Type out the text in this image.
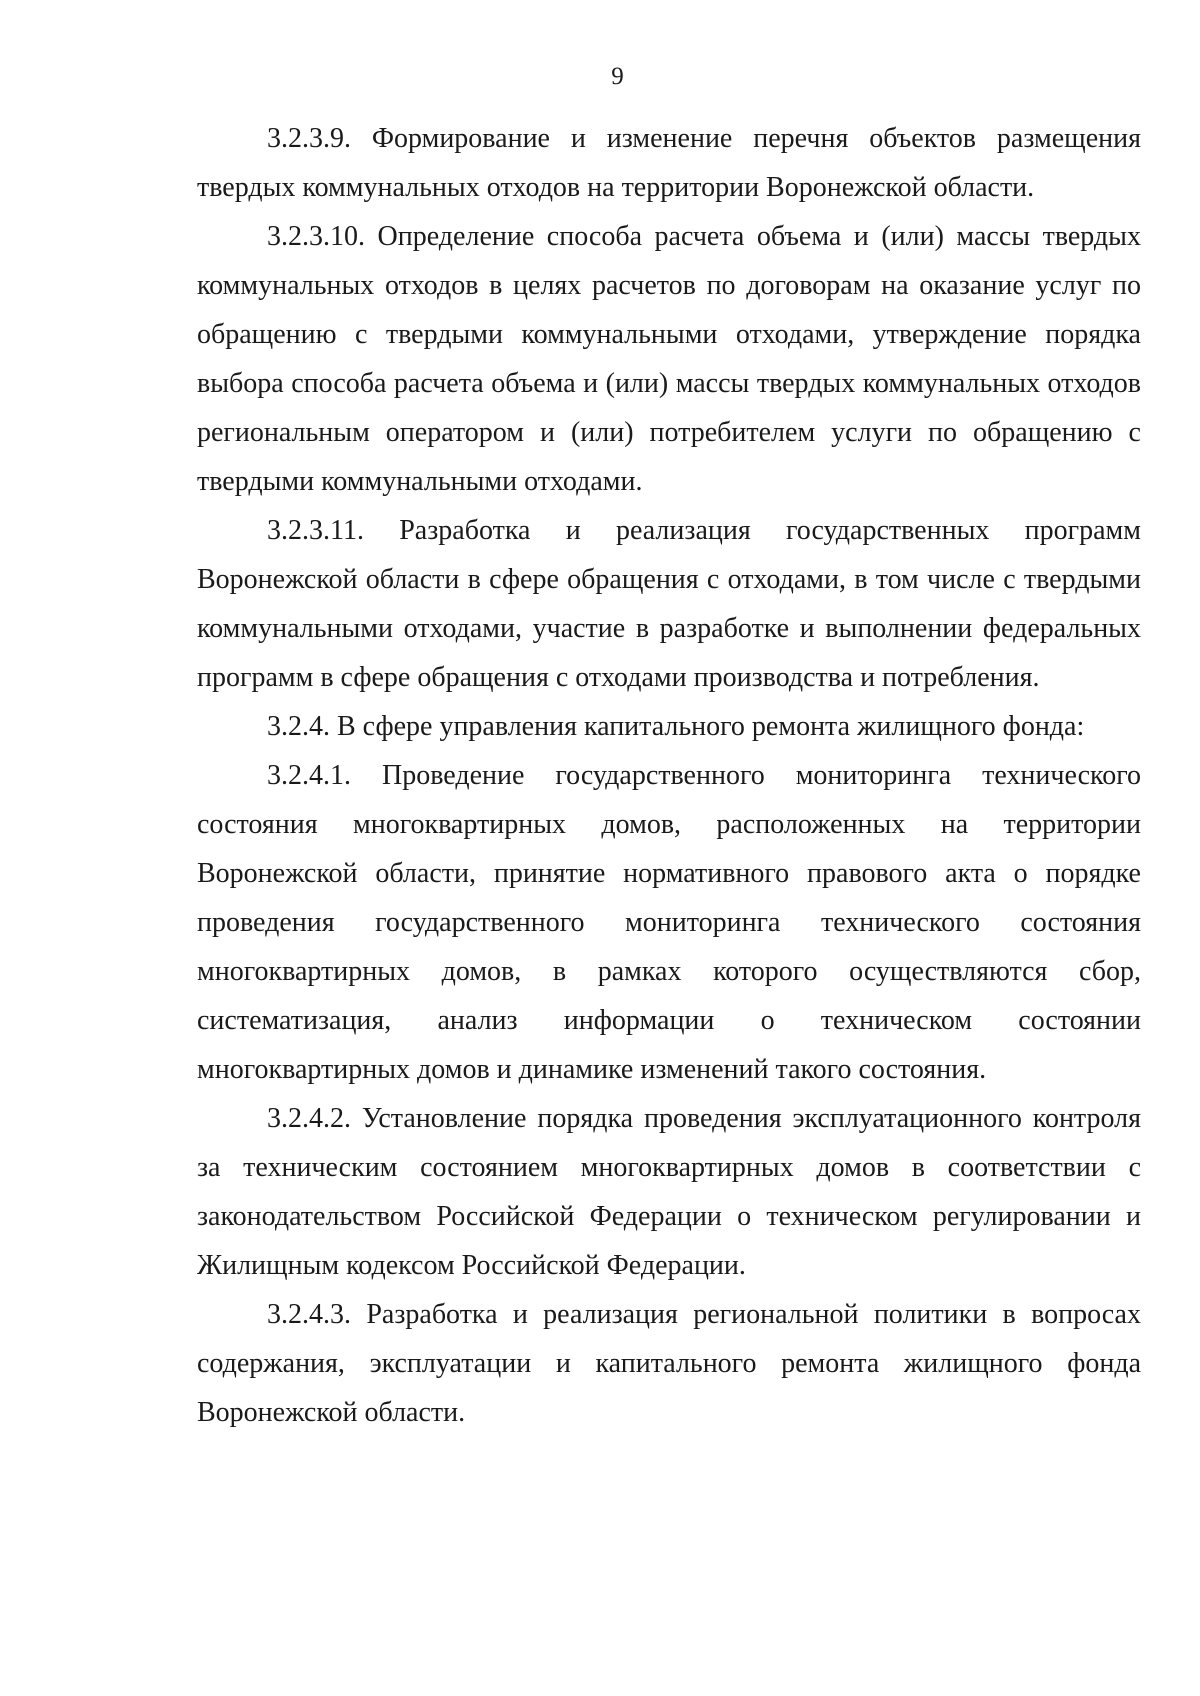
9

3.2.3.9. Формирование и изменение перечня объектов размещения твердых коммунальных отходов на территории Воронежской области.

3.2.3.10. Определение способа расчета объема и (или) массы твердых коммунальных отходов в целях расчетов по договорам на оказание услуг по обращению с твердыми коммунальными отходами, утверждение порядка выбора способа расчета объема и (или) массы твердых коммунальных отходов региональным оператором и (или) потребителем услуги по обращению с твердыми коммунальными отходами.

3.2.3.11. Разработка и реализация государственных программ Воронежской области в сфере обращения с отходами, в том числе с твердыми коммунальными отходами, участие в разработке и выполнении федеральных программ в сфере обращения с отходами производства и потребления.

3.2.4. В сфере управления капитального ремонта жилищного фонда:

3.2.4.1. Проведение государственного мониторинга технического состояния многоквартирных домов, расположенных на территории Воронежской области, принятие нормативного правового акта о порядке проведения государственного мониторинга технического состояния многоквартирных домов, в рамках которого осуществляются сбор, систематизация, анализ информации о техническом состоянии многоквартирных домов и динамике изменений такого состояния.

3.2.4.2. Установление порядка проведения эксплуатационного контроля за техническим состоянием многоквартирных домов в соответствии с законодательством Российской Федерации о техническом регулировании и Жилищным кодексом Российской Федерации.

3.2.4.3. Разработка и реализация региональной политики в вопросах содержания, эксплуатации и капитального ремонта жилищного фонда Воронежской области.
